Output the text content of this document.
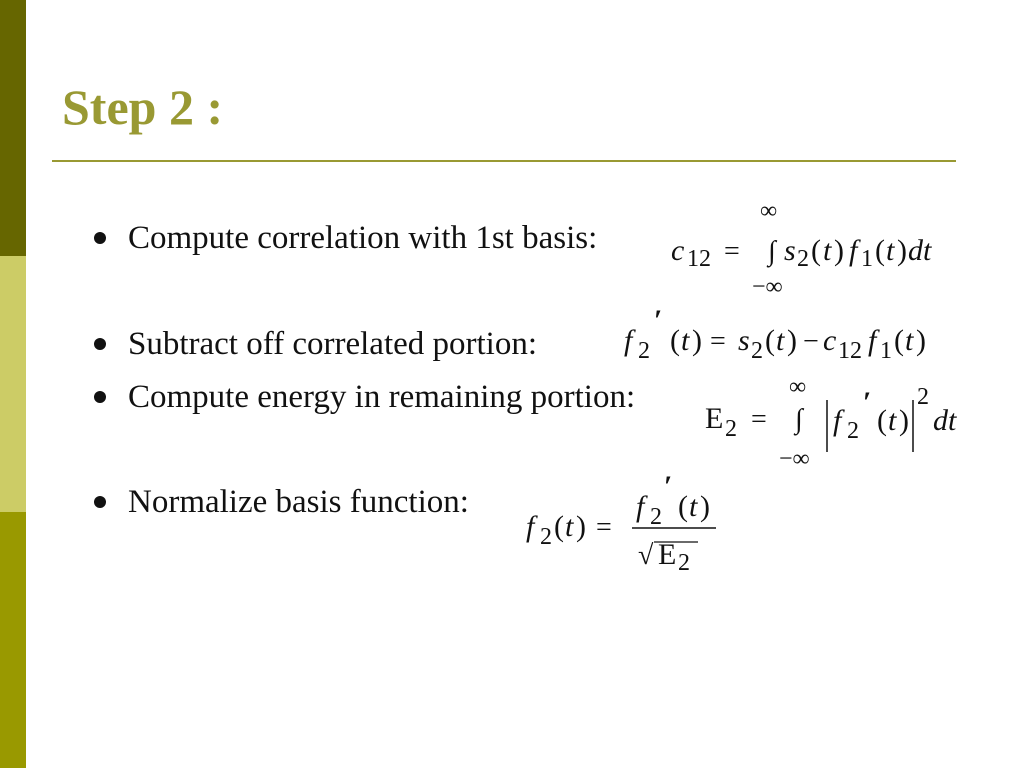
Step 2 :
Compute correlation with 1st basis:
∞
c 12 = ∫
−∞
s 2 ( t ) f 1 ( t ) dt
Subtract off correlated portion:	f 2
′
( t ) = s 2 ( t ) − c 12 f 1 ( t )
Compute energy in remaining portion:	∞
E 2 = ∫
−∞
f 2
′
( t )
2
dt
Normalize basis function:
f 2 ( t ) =
f 2
′
( t )
√ E 2
